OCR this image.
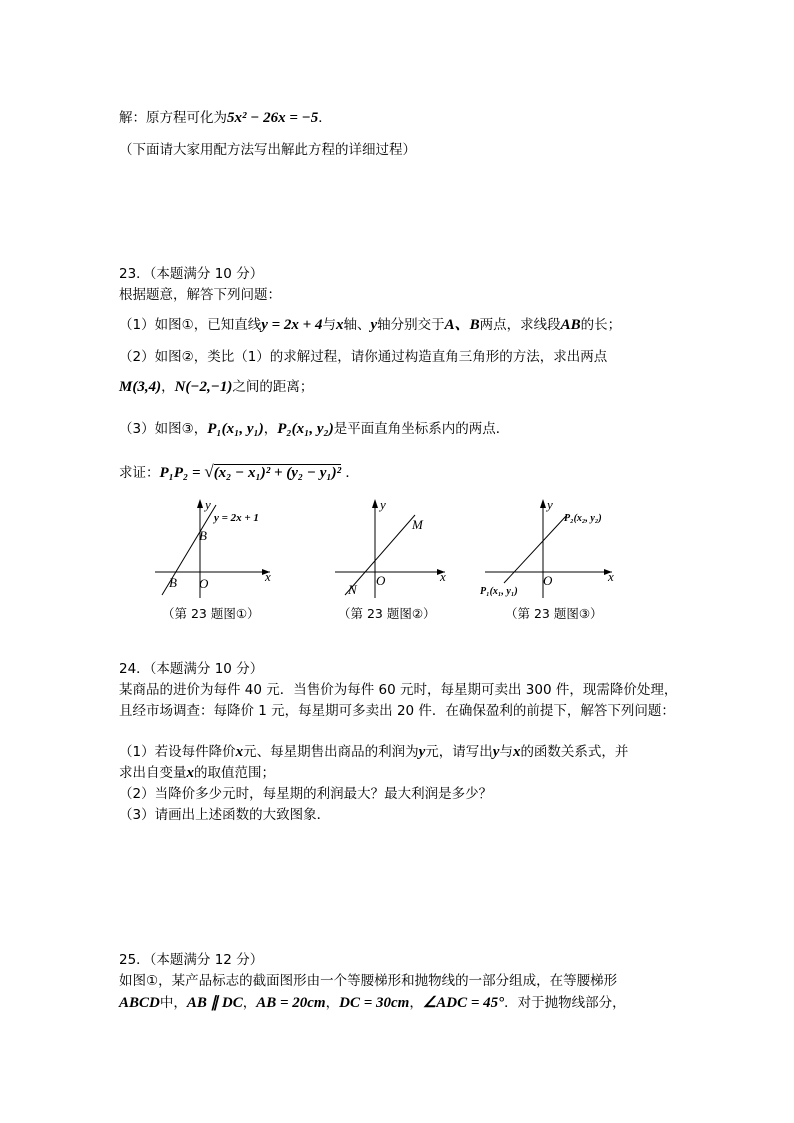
解：原方程可化为5x² − 26x = −5．
（下面请大家用配方法写出解此方程的详细过程）
23．（本题满分 10 分）
根据题意，解答下列问题：
（1）如图①，已知直线y = 2x + 4与x轴、y轴分别交于A、B两点，求线段AB的长；
（2）如图②，类比（1）的求解过程，请你通过构造直角三角形的方法，求出两点
M(3,4)，N(−2,−1)之间的距离；
（3）如图③，P₁(x₁, y₁)，P₂(x₁, y₂)是平面直角坐标系内的两点．
求证：P₁P₂ = √(x₂ − x₁)² + (y₂ − y₁)² ．
y
x
O
B
B
y = 2x + 1
（第 23 题图①）
y
x
O
M
N
（第 23 题图②）
y
x
O
P₂(x₂, y₂)
P₁(x₁, y₁)
（第 23 题图③）
24．（本题满分 10 分）
某商品的进价为每件 40 元．当售价为每件 60 元时，每星期可卖出 300 件，现需降价处理，
且经市场调查：每降价 1 元，每星期可多卖出 20 件．在确保盈利的前提下，解答下列问题：
（1）若设每件降价x元、每星期售出商品的利润为y元，请写出y与x的函数关系式，并
求出自变量x的取值范围；
（2）当降价多少元时，每星期的利润最大？最大利润是多少？
（3）请画出上述函数的大致图象．
25．（本题满分 12 分）
如图①，某产品标志的截面图形由一个等腰梯形和抛物线的一部分组成，在等腰梯形
ABCD中，AB ∥ DC，AB = 20cm，DC = 30cm，∠ADC = 45°．对于抛物线部分，
